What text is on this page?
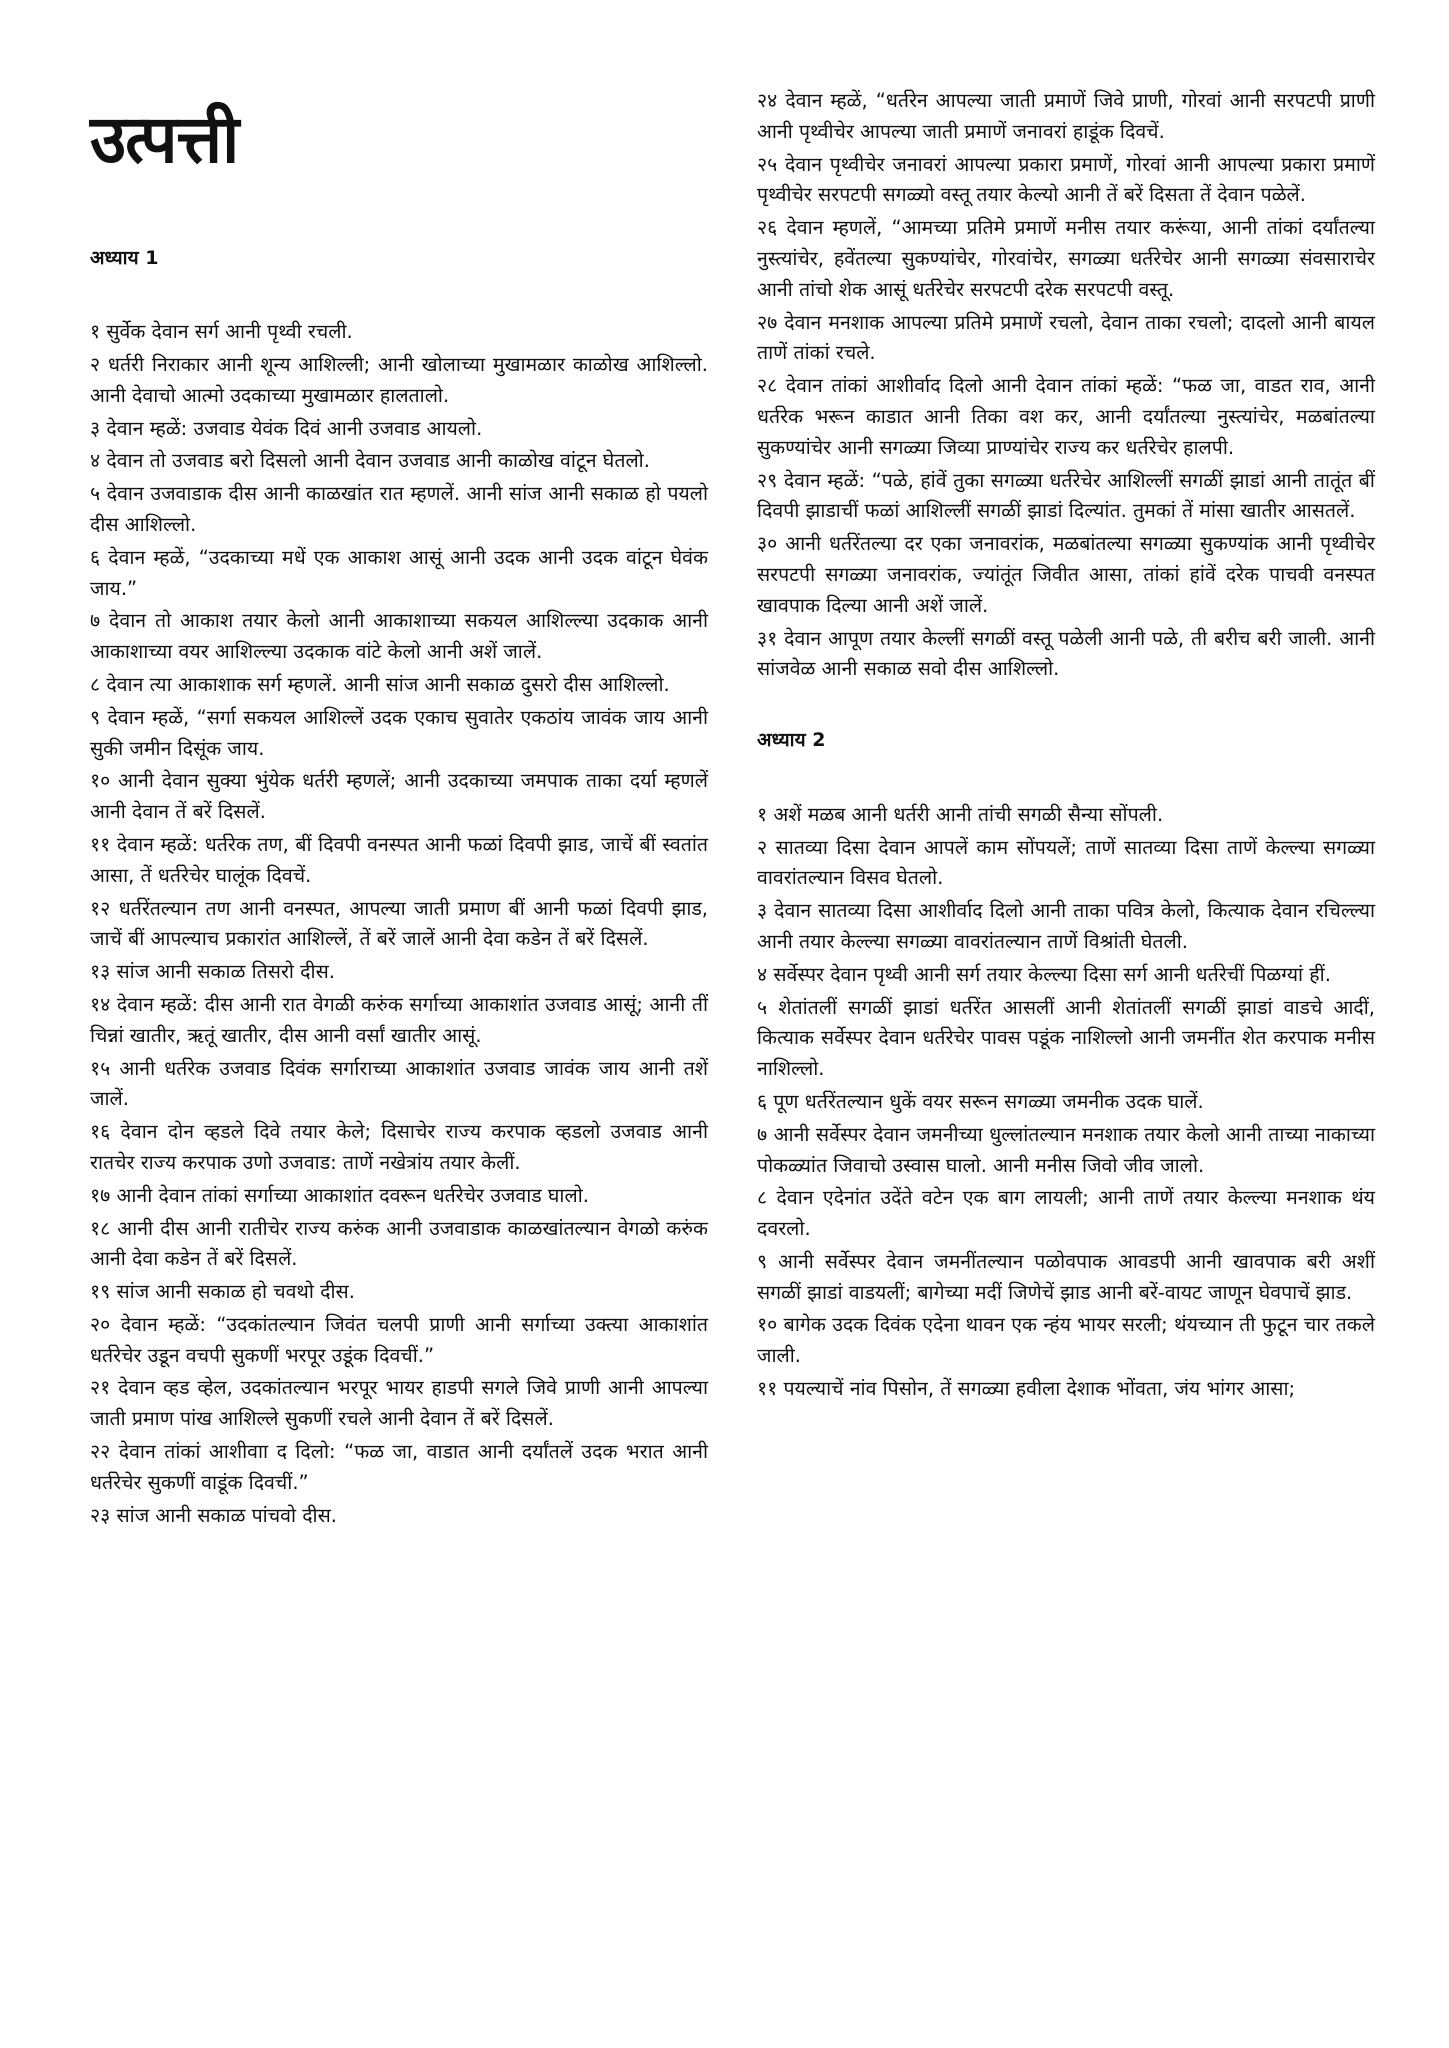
उत्पत्ती
अध्याय 1

१ सुर्वेक देवान सर्ग आनी पृथ्वी रचली.

२ धर्तरी निराकार आनी शून्य आशिल्ली; आनी खोलाच्या मुखामळार काळोख आशिल्लो. आनी देवाचो आत्मो उदकाच्या मुखामळार हालतालो.

३ देवान म्हळें: उजवाड येवंक दिवं आनी उजवाड आयलो.

४ देवान तो उजवाड बरो दिसलो आनी देवान उजवाड आनी काळोख वांटून घेतलो.

५ देवान उजवाडाक दीस आनी काळखांत रात म्हणलें. आनी सांज आनी सकाळ हो पयलो दीस आशिल्लो.

६ देवान म्हळें, “उदकाच्या मधें एक आकाश आसूं आनी उदक आनी उदक वांटून घेवंक जाय.”

७ देवान तो आकाश तयार केलो आनी आकाशाच्या सकयल आशिल्ल्या उदकाक आनी आकाशाच्या वयर आशिल्ल्या उदकाक वांटे केलो आनी अशें जालें.

८ देवान त्या आकाशाक सर्ग म्हणलें. आनी सांज आनी सकाळ दुसरो दीस आशिल्लो.

९ देवान म्हळें, “सर्गा सकयल आशिल्लें उदक एकाच सुवातेर एकठांय जावंक जाय आनी सुकी जमीन दिसूंक जाय.

१० आनी देवान सुक्या भुंयेक धर्तरी म्हणलें; आनी उदकाच्या जमपाक ताका दर्या म्हणलें आनी देवान तें बरें दिसलें.

११ देवान म्हळें: धर्तरेक तण, बीं दिवपी वनस्पत आनी फळां दिवपी झाड, जाचें बीं स्वतांत आसा, तें धर्तरेचेर घालूंक दिवचें.

१२ धर्तरेंतल्यान तण आनी वनस्पत, आपल्या जाती प्रमाण बीं आनी फळां दिवपी झाड, जाचें बीं आपल्याच प्रकारांत आशिल्लें, तें बरें जालें आनी देवा कडेन तें बरें दिसलें.

१३ सांज आनी सकाळ तिसरो दीस.

१४ देवान म्हळें: दीस आनी रात वेगळी करुंक सर्गाच्या आकाशांत उजवाड आसूं; आनी तीं चिन्नां खातीर, ऋतूं खातीर, दीस आनी वर्सां खातीर आसूं.

१५ आनी धर्तरेक उजवाड दिवंक सर्गाराच्या आकाशांत उजवाड जावंक जाय आनी तशें जालें.

१६ देवान दोन व्हडले दिवे तयार केले; दिसाचेर राज्य करपाक व्हडलो उजवाड आनी रातचेर राज्य करपाक उणो उजवाड: ताणें नखेत्रांय तयार केलीं.

१७ आनी देवान तांकां सर्गाच्या आकाशांत दवरून धर्तरेचेर उजवाड घालो.

१८ आनी दीस आनी रातीचेर राज्य करुंक आनी उजवाडाक काळखांतल्यान वेगळो करुंक आनी देवा कडेन तें बरें दिसलें.

१९ सांज आनी सकाळ हो चवथो दीस.

२० देवान म्हळें: “उदकांतल्यान जिवंत चलपी प्राणी आनी सर्गाच्या उक्त्या आकाशांत धर्तरेचेर उडून वचपी सुकणीं भरपूर उडूंक दिवचीं.”

२१ देवान व्हड व्हेल, उदकांतल्यान भरपूर भायर हाडपी सगले जिवे प्राणी आनी आपल्या जाती प्रमाण पांख आशिल्ले सुकणीं रचले आनी देवान तें बरें दिसलें.

२२ देवान तांकां आशीवाा द दिलो: “फळ जा, वाडात आनी दर्यांतलें उदक भरात आनी धर्तरेचेर सुकणीं वाडूंक दिवचीं.”

२३ सांज आनी सकाळ पांचवो दीस.

२४ देवान म्हळें, “धर्तरेन आपल्या जाती प्रमाणें जिवे प्राणी, गोरवां आनी सरपटपी प्राणी आनी पृथ्वीचेर आपल्या जाती प्रमाणें जनावरां हाडूंक दिवचें.

२५ देवान पृथ्वीचेर जनावरां आपल्या प्रकारा प्रमाणें, गोरवां आनी आपल्या प्रकारा प्रमाणें पृथ्वीचेर सरपटपी सगळ्यो वस्तू तयार केल्यो आनी तें बरें दिसता तें देवान पळेलें.

२६ देवान म्हणलें, “आमच्या प्रतिमे प्रमाणें मनीस तयार करूंया, आनी तांकां दर्यांतल्या नुस्त्यांचेर, हवेंतल्या सुकण्यांचेर, गोरवांचेर, सगळ्या धर्तरेचेर आनी सगळ्या संवसाराचेर आनी तांचो शेक आसूं धर्तरेचेर सरपटपी दरेक सरपटपी वस्तू.

२७ देवान मनशाक आपल्या प्रतिमे प्रमाणें रचलो, देवान ताका रचलो; दादलो आनी बायल ताणें तांकां रचले.

२८ देवान तांकां आशीर्वाद दिलो आनी देवान तांकां म्हळें: “फळ जा, वाडत राव, आनी धर्तरेक भरून काडात आनी तिका वश कर, आनी दर्यांतल्या नुस्त्यांचेर, मळबांतल्या सुकण्यांचेर आनी सगळ्या जिव्या प्राण्यांचेर राज्य कर धर्तरेचेर हालपी.

२९ देवान म्हळें: “पळे, हांवें तुका सगळ्या धर्तरेचेर आशिल्लीं सगळीं झाडां आनी तातूंत बीं दिवपी झाडाचीं फळां आशिल्लीं सगळीं झाडां दिल्यांत. तुमकां तें मांसा खातीर आसतलें.

३० आनी धर्तरेंतल्या दर एका जनावरांक, मळबांतल्या सगळ्या सुकण्यांक आनी पृथ्वीचेर सरपटपी सगळ्या जनावरांक, ज्यांतूंत जिवीत आसा, तांकां हांवें दरेक पाचवी वनस्पत खावपाक दिल्या आनी अशें जालें.

३१ देवान आपूण तयार केल्लीं सगळीं वस्तू पळेली आनी पळे, ती बरीच बरी जाली. आनी सांजवेळ आनी सकाळ सवो दीस आशिल्लो.

अध्याय 2

१ अशें मळब आनी धर्तरी आनी तांची सगळी सैन्या सोंपली.

२ सातव्या दिसा देवान आपलें काम सोंपयलें; ताणें सातव्या दिसा ताणें केल्ल्या सगळ्या वावरांतल्यान विसव घेतलो.

३ देवान सातव्या दिसा आशीर्वाद दिलो आनी ताका पवित्र केलो, कित्याक देवान रचिल्ल्या आनी तयार केल्ल्या सगळ्या वावरांतल्यान ताणें विश्रांती घेतली.

४ सर्वेस्पर देवान पृथ्वी आनी सर्ग तयार केल्ल्या दिसा सर्ग आनी धर्तरेचीं पिळग्यां हीं.

५ शेतांतलीं सगळीं झाडां धर्तरेंत आसलीं आनी शेतांतलीं सगळीं झाडां वाडचे आदीं, कित्याक सर्वेस्पर देवान धर्तरेचेर पावस पडूंक नाशिल्लो आनी जमनींत शेत करपाक मनीस नाशिल्लो.

६ पूण धर्तरेंतल्यान धुकें वयर सरून सगळ्या जमनीक उदक घालें.

७ आनी सर्वेस्पर देवान जमनीच्या धुल्लांतल्यान मनशाक तयार केलो आनी ताच्या नाकाच्या पोकळ्यांत जिवाचो उस्वास घालो. आनी मनीस जिवो जीव जालो.

८ देवान एदेनांत उदेंते वटेन एक बाग लायली; आनी ताणें तयार केल्ल्या मनशाक थंय दवरलो.

९ आनी सर्वेस्पर देवान जमनींतल्यान पळोवपाक आवडपी आनी खावपाक बरी अशीं सगळीं झाडां वाडयलीं; बागेच्या मदीं जिणेचें झाड आनी बरें-वायट जाणून घेवपाचें झाड.

१० बागेक उदक दिवंक एदेना थावन एक न्हंय भायर सरली; थंयच्यान ती फुटून चार तकले जाली.

११ पयल्याचें नांव पिसोन, तें सगळ्या हवीला देशाक भोंवता, जंय भांगर आसा;
